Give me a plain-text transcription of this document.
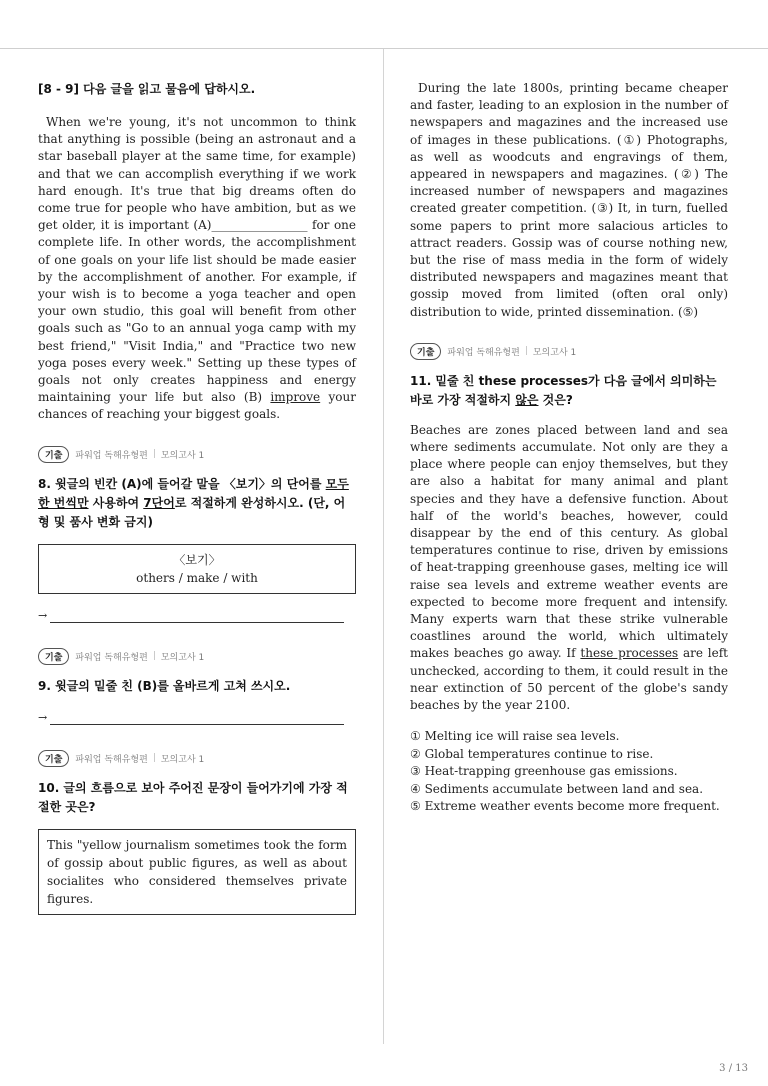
[8 - 9] 다음 글을 읽고 물음에 답하시오.

When we're young, it's not uncommon to think that anything is possible (being an astronaut and a star baseball player at the same time, for example) and that we can accomplish everything if we work hard enough. It's true that big dreams often do come true for people who have ambition, but as we get older, it is important (A)________________ for one complete life. In other words, the accomplishment of one goals on your life list should be made easier by the accomplishment of another. For example, if your wish is to become a yoga teacher and open your own studio, this goal will benefit from other goals such as "Go to an annual yoga camp with my best friend," "Visit India," and "Practice two new yoga poses every week." Setting up these types of goals not only creates happiness and energy maintaining your life but also (B) improve your chances of reaching your biggest goals.

기출	파워업 독해유형편 | 모의고사 1
8. 윗글의 빈칸 (A)에 들어갈 말을 〈보기〉의 단어를 모두 한 번씩만 사용하여 7단어로 적절하게 완성하시오. (단, 어형 및 품사 변화 금지)
〈보기〉
others / make / with
→
기출	파워업 독해유형편 | 모의고사 1
9. 윗글의 밑줄 친 (B)를 올바르게 고쳐 쓰시오.
→
기출	파워업 독해유형편 | 모의고사 1
10. 글의 흐름으로 보아 주어진 문장이 들어가기에 가장 적절한 곳은?
This "yellow journalism sometimes took the form of gossip about public figures, as well as about socialites who considered themselves private figures.

During the late 1800s, printing became cheaper and faster, leading to an explosion in the number of newspapers and magazines and the increased use of images in these publications. (①) Photographs, as well as woodcuts and engravings of them, appeared in newspapers and magazines. (②) The increased number of newspapers and magazines created greater competition. (③) It, in turn, fuelled some papers to print more salacious articles to attract readers. Gossip was of course nothing new, but the rise of mass media in the form of widely distributed newspapers and magazines meant that gossip moved from limited (often oral only) distribution to wide, printed dissemination. (⑤)

기출	파워업 독해유형편 | 모의고사 1
11. 밑줄 친 these processes가 다음 글에서 의미하는 바로 가장 적절하지 않은 것은?

Beaches are zones placed between land and sea where sediments accumulate. Not only are they a place where people can enjoy themselves, but they are also a habitat for many animal and plant species and they have a defensive function. About half of the world's beaches, however, could disappear by the end of this century. As global temperatures continue to rise, driven by emissions of heat-trapping greenhouse gases, melting ice will raise sea levels and extreme weather events are expected to become more frequent and intensify. Many experts warn that these strike vulnerable coastlines around the world, which ultimately makes beaches go away. If these processes are left unchecked, according to them, it could result in the near extinction of 50 percent of the globe's sandy beaches by the year 2100.

① Melting ice will raise sea levels.
② Global temperatures continue to rise.
③ Heat-trapping greenhouse gas emissions.
④ Sediments accumulate between land and sea.
⑤ Extreme weather events become more frequent.
3 / 13
